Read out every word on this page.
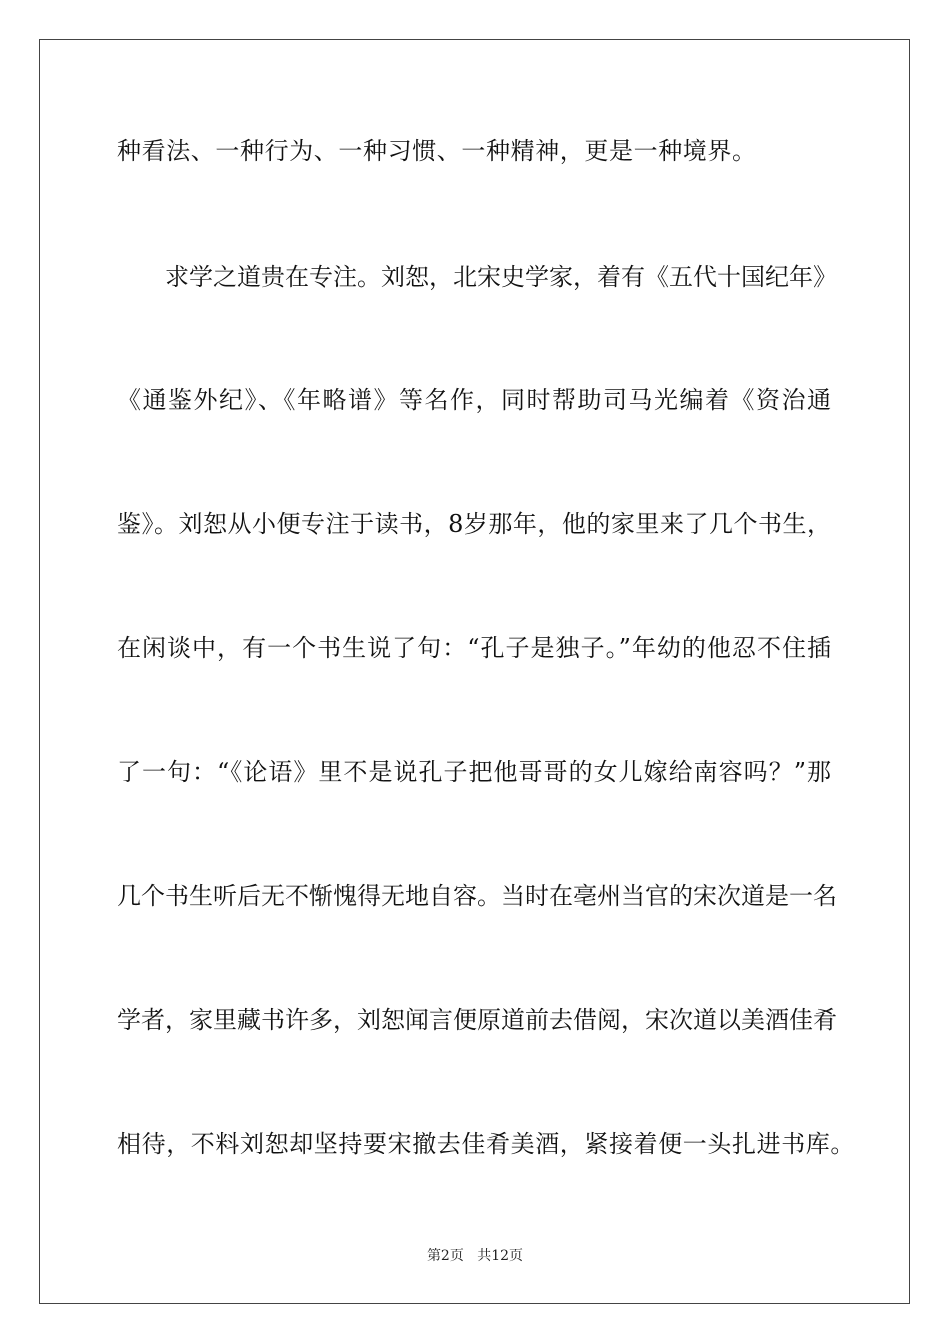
种看法、一种行为、一种习惯、一种精神，更是一种境界。
求学之道贵在专注。刘恕，北宋史学家，着有《五代十国纪年》
《通鉴外纪》、《年略谱》等名作，同时帮助司马光编着《资治通
鉴》。刘恕从小便专注于读书，8岁那年，他的家里来了几个书生，
在闲谈中，有一个书生说了句：“孔子是独子。”年幼的他忍不住插
了一句：“《论语》里不是说孔子把他哥哥的女儿嫁给南容吗？”那
几个书生听后无不惭愧得无地自容。当时在亳州当官的宋次道是一名
学者，家里藏书许多，刘恕闻言便原道前去借阅，宋次道以美酒佳肴
相待，不料刘恕却坚持要宋撤去佳肴美酒，紧接着便一头扎进书库。
第2页 共12页
